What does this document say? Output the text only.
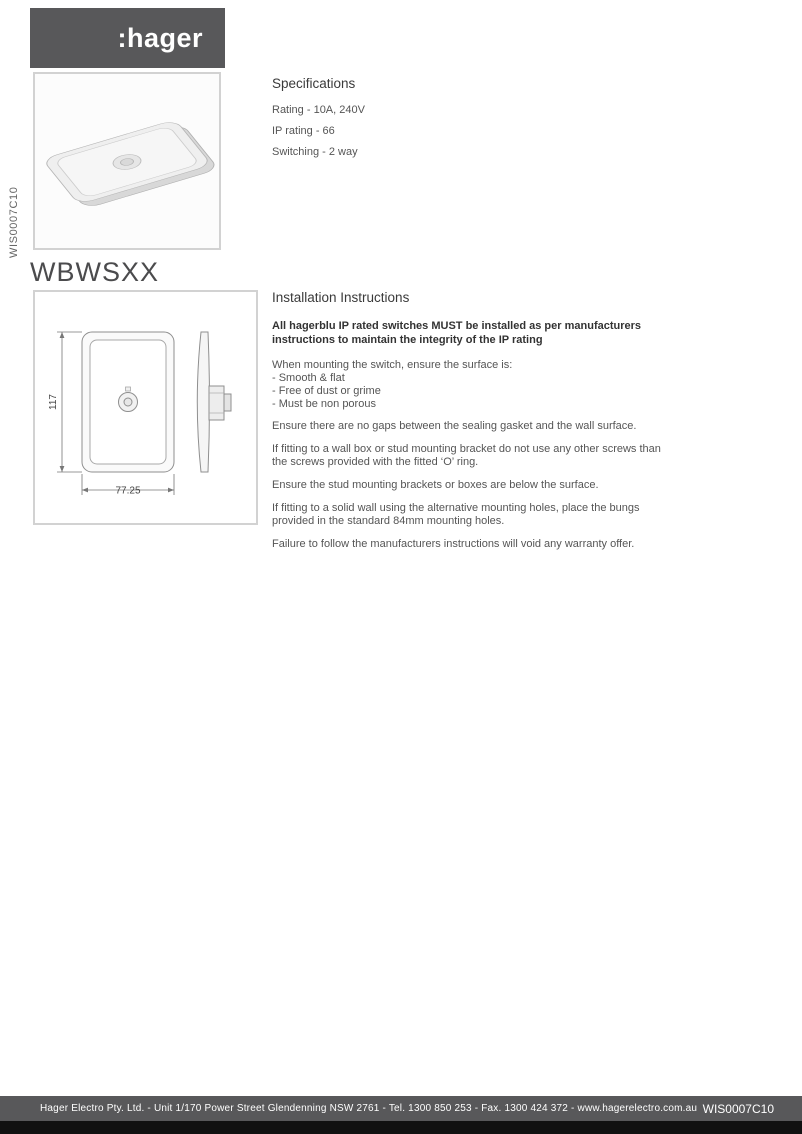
:hager
WIS0007C10
Specifications
Rating - 10A, 240V
IP rating - 66
Switching - 2 way
WBWSXX
117
77.25
Installation Instructions
All hagerblu IP rated switches MUST be installed as per manufacturers instructions to maintain the integrity of the IP rating
When mounting the switch, ensure the surface is:
- Smooth & flat
- Free of dust or grime
- Must be non porous
Ensure there are no gaps between the sealing gasket and the wall surface.
If fitting to a wall box or stud mounting bracket do not use any other screws than the screws provided with the fitted ‘O’ ring.
Ensure the stud mounting brackets or boxes are below the surface.
If fitting to a solid wall using the alternative mounting holes, place the bungs provided in the standard 84mm mounting holes.
Failure to follow the manufacturers instructions will void any warranty offer.
Hager Electro Pty. Ltd. - Unit 1/170 Power Street Glendenning NSW 2761 - Tel. 1300 850 253 - Fax. 1300 424 372 - www.hagerelectro.com.au WIS0007C10
